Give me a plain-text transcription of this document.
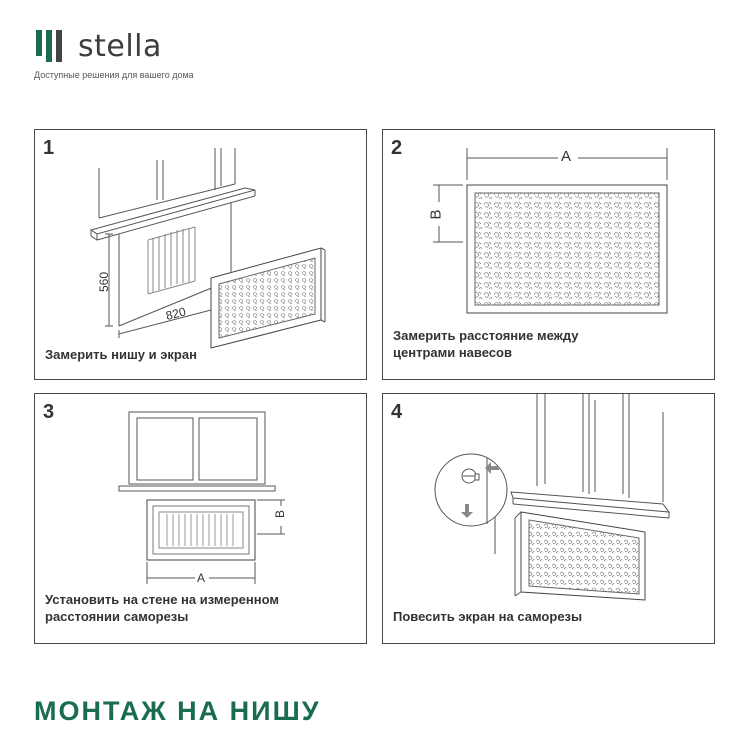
stella
Доступные решения для вашего дома
1
560
820
Замерить нишу и экран
2	A
B
Замерить расстояние между
центрами навесов
3
B
A
Установить на стене на измеренном
расстоянии саморезы
4
Повесить экран на саморезы
МОНТАЖ НА НИШУ
